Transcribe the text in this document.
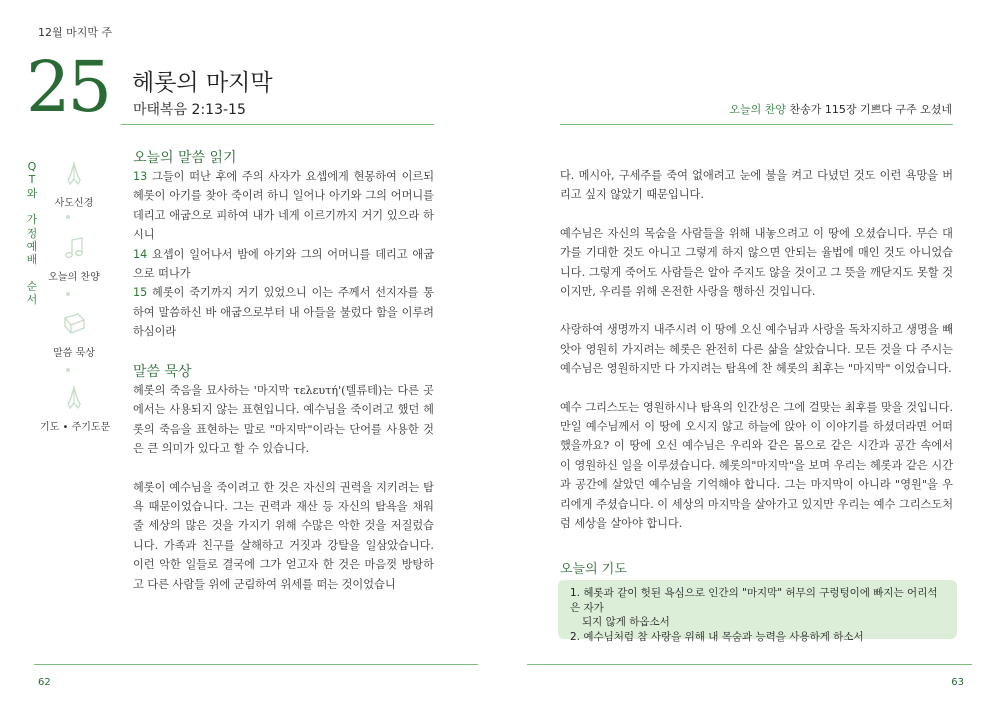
12월 마지막 주
25 헤롯의 마지막
마태복음 2:13-15	오늘의 찬양 찬송가 115장 기쁘다 구주 오셨네
Q
T
와
가
정
예
배
순
서
사도신경
오늘의 찬양
말씀 묵상
기도 • 주기도문
오늘의 말씀 읽기

13 그들이 떠난 후에 주의 사자가 요셉에게 현몽하여 이르되 헤롯이 아기를 찾아 죽이려 하니 일어나 아기와 그의 어머니를 데리고 애굽으로 피하여 내가 네게 이르기까지 거기 있으라 하시니

14 요셉이 일어나서 밤에 아기와 그의 어머니를 데리고 애굽으로 떠나가

15 헤롯이 죽기까지 거기 있었으니 이는 주께서 선지자를 통하여 말씀하신 바 애굽으로부터 내 아들을 불렀다 함을 이루려 하심이라

말씀 묵상

헤롯의 죽음을 묘사하는 '마지막 τελευτή'(텔류테)는 다른 곳에서는 사용되지 않는 표현입니다. 예수님을 죽이려고 했던 헤롯의 죽음을 표현하는 말로 "마지막"이라는 단어를 사용한 것은 큰 의미가 있다고 할 수 있습니다.

헤롯이 예수님을 죽이려고 한 것은 자신의 권력을 지키려는 탐욕 때문이었습니다. 그는 권력과 재산 등 자신의 탐욕을 채워줄 세상의 많은 것을 가지기 위해 수많은 악한 것을 저질렀습니다. 가족과 친구를 살해하고 거짓과 강탈을 일삼았습니다. 이런 악한 일들로 결국에 그가 얻고자 한 것은 마음껏 방탕하고 다른 사람들 위에 군림하여 위세를 떠는 것이었습니

다. 메시아, 구세주를 죽여 없애려고 눈에 불을 켜고 다녔던 것도 이런 욕망을 버리고 싶지 않았기 때문입니다.

예수님은 자신의 목숨을 사람들을 위해 내놓으려고 이 땅에 오셨습니다. 무슨 대가를 기대한 것도 아니고 그렇게 하지 않으면 안되는 율법에 매인 것도 아니었습니다. 그렇게 죽어도 사람들은 알아 주지도 않을 것이고 그 뜻을 깨닫지도 못할 것이지만, 우리를 위해 온전한 사랑을 행하신 것입니다.

사랑하여 생명까지 내주시려 이 땅에 오신 예수님과 사랑을 독차지하고 생명을 빼앗아 영원히 가지려는 헤롯은 완전히 다른 삶을 살았습니다. 모든 것을 다 주시는 예수님은 영원하지만 다 가지려는 탐욕에 찬 헤롯의 최후는 "마지막" 이었습니다.

예수 그리스도는 영원하시나 탐욕의 인간성은 그에 걸맞는 최후를 맞을 것입니다. 만일 예수님께서 이 땅에 오시지 않고 하늘에 앉아 이 이야기를 하셨더라면 어떠했을까요? 이 땅에 오신 예수님은 우리와 같은 몸으로 같은 시간과 공간 속에서 이 영원하신 일을 이루셨습니다. 헤롯의"마지막"을 보며 우리는 헤롯과 같은 시간과 공간에 살았던 예수님을 기억해야 합니다. 그는 마지막이 아니라 "영원"을 우리에게 주셨습니다. 이 세상의 마지막을 살아가고 있지만 우리는 예수 그리스도처럼 세상을 살아야 합니다.

오늘의 기도
1. 헤롯과 같이 헛된 욕심으로 인간의 "마지막" 허무의 구렁텅이에 빠지는 어리석은 자가
되지 않게 하옵소서
2. 예수님처럼 참 사랑을 위해 내 목숨과 능력을 사용하게 하소서
62	63
